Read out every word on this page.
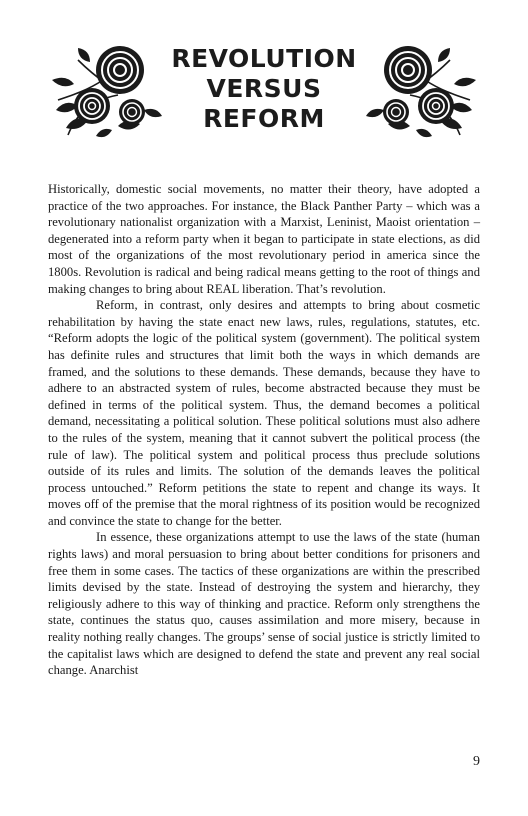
REVOLUTION
VERSUS
REFORM

Historically, domestic social movements, no matter their theory, have adopted a practice of the two approaches. For instance, the Black Panther Party – which was a revolutionary nationalist organization with a Marxist, Leninist, Maoist orientation – degenerated into a reform party when it began to participate in state elections, as did most of the organizations of the most revolutionary period in america since the 1800s. Revolution is radical and being radical means getting to the root of things and making changes to bring about REAL liberation. That’s revolution.

Reform, in contrast, only desires and attempts to bring about cosmetic rehabilitation by having the state enact new laws, rules, regulations, statutes, etc. “Reform adopts the logic of the political system (government). The political system has definite rules and structures that limit both the ways in which demands are framed, and the solutions to these demands. These demands, because they have to adhere to an abstracted system of rules, become abstracted because they must be defined in terms of the political system. Thus, the demand becomes a political demand, necessitating a political solution. These political solutions must also adhere to the rules of the system, meaning that it cannot subvert the political process (the rule of law). The political system and political process thus preclude solutions outside of its rules and limits. The solution of the demands leaves the political process untouched.” Reform petitions the state to repent and change its ways. It moves off of the premise that the moral rightness of its position would be recognized and convince the state to change for the better.

In essence, these organizations attempt to use the laws of the state (human rights laws) and moral persuasion to bring about better conditions for prisoners and free them in some cases. The tactics of these organizations are within the prescribed limits devised by the state. Instead of destroying the system and hierarchy, they religiously adhere to this way of thinking and practice. Reform only strengthens the state, continues the status quo, causes assimilation and more misery, because in reality nothing really changes. The groups’ sense of social justice is strictly limited to the capitalist laws which are designed to defend the state and prevent any real social change. Anarchist

9
